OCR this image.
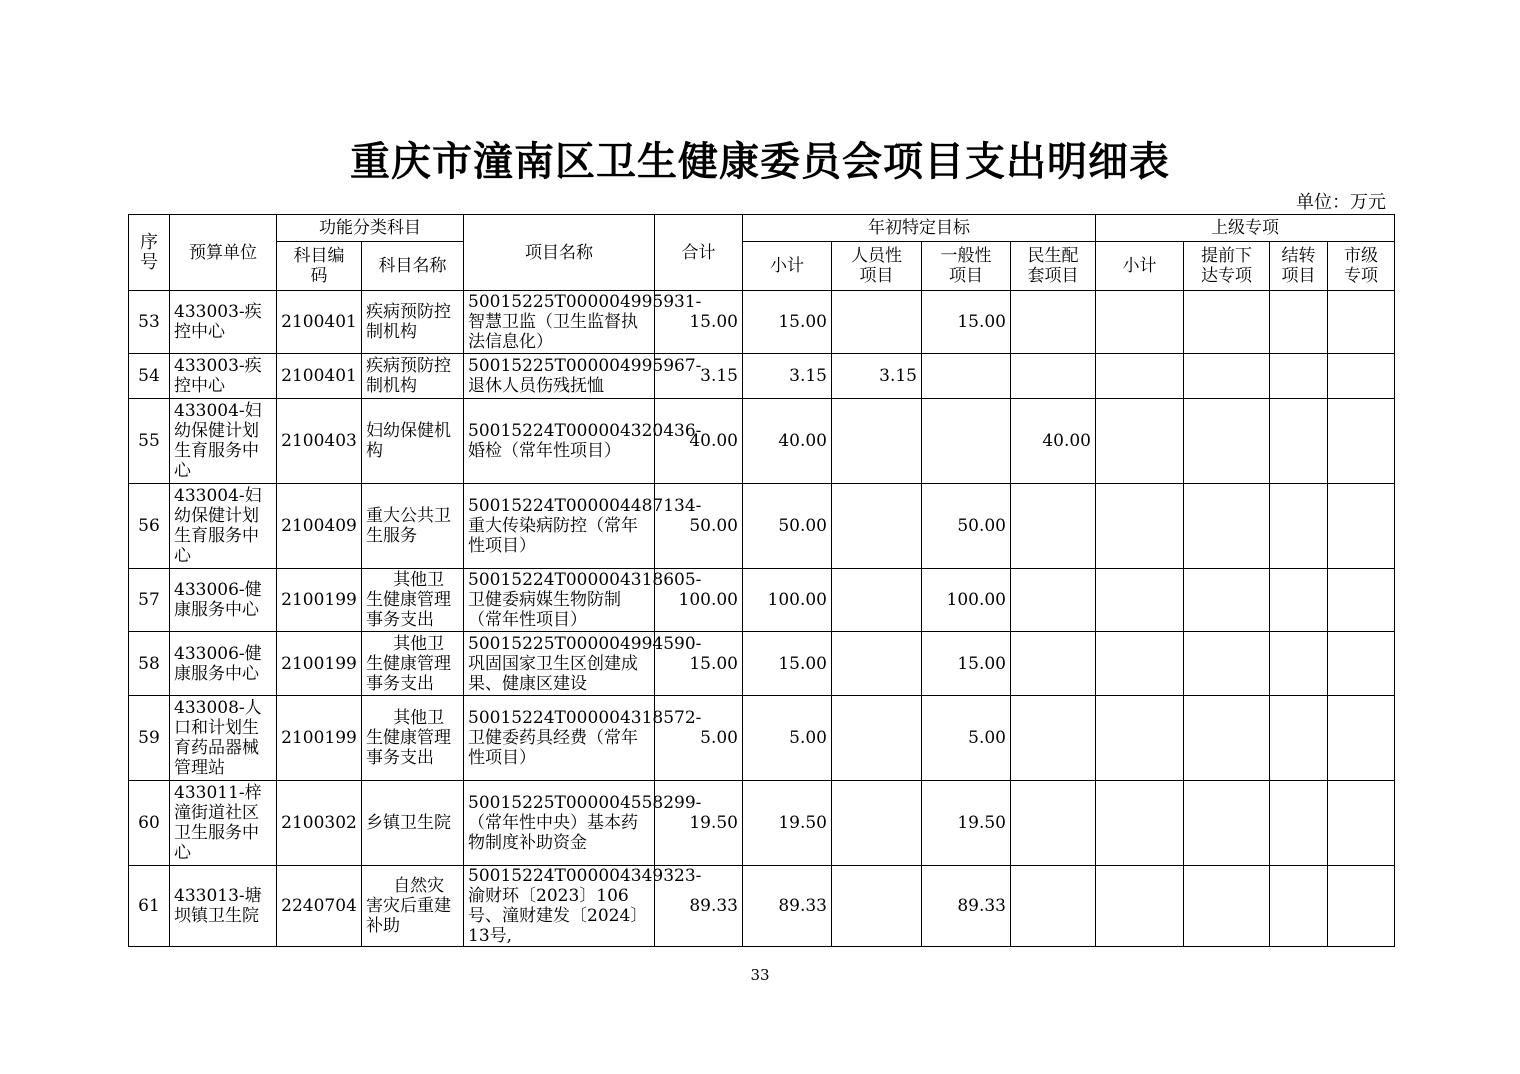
重庆市潼南区卫生健康委员会项目支出明细表
单位：万元
序号	预算单位	功能分类科目		项目名称	合计	年初特定目标				上级专项			
		科目编码	科目名称			小计	人员性项目	一般性项目	民生配套项目	小计	提前下达专项	结转项目	市级专项
53	433003-疾控中心	2100401	疾病预防控制机构	50015225T000004995931-智慧卫监（卫生监督执法信息化）	15.00	15.00		15.00					
54	433003-疾控中心	2100401	疾病预防控制机构	50015225T000004995967-退休人员伤残抚恤	3.15	3.15	3.15						
55	433004-妇幼保健计划生育服务中心	2100403	妇幼保健机构	50015224T000004320436-婚检（常年性项目）	40.00	40.00			40.00				
56	433004-妇幼保健计划生育服务中心	2100409	重大公共卫生服务	50015224T000004487134-重大传染病防控（常年性项目）	50.00	50.00		50.00					
57	433006-健康服务中心	2100199	其他卫生健康管理事务支出	50015224T000004318605-卫健委病媒生物防制（常年性项目）	100.00	100.00		100.00					
58	433006-健康服务中心	2100199	其他卫生健康管理事务支出	50015225T000004994590-巩固国家卫生区创建成果、健康区建设	15.00	15.00		15.00					
59	433008-人口和计划生育药品器械管理站	2100199	其他卫生健康管理事务支出	50015224T000004318572-卫健委药具经费（常年性项目）	5.00	5.00		5.00					
60	433011-梓潼街道社区卫生服务中心	2100302	乡镇卫生院	50015225T000004558299-（常年性中央）基本药物制度补助资金	19.50	19.50		19.50					
61	433013-塘坝镇卫生院	2240704	自然灾害灾后重建补助	50015224T000004349323-渝财环〔2023〕106号、潼财建发〔2024〕13号,	89.33	89.33		89.33					
33
